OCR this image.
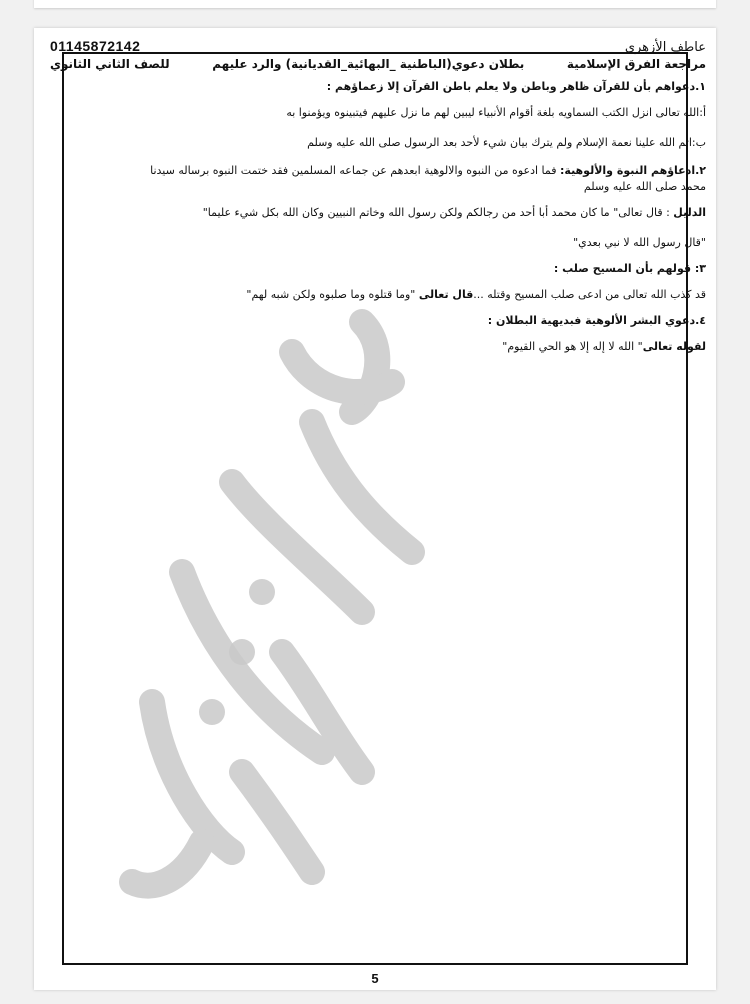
عاطف الأزهرى
01145872142
مراجعة الفرق الإسلامية
بطلان دعوي(الباطنية _البهائية_القديانية) والرد عليهم
للصف الثاني الثانوي

١.دعواهم بأن للقرآن ظاهر وباطن ولا يعلم باطن القرآن إلا زعماؤهم :

أ:الله تعالى انزل الكتب السماويه بلغة أقوام الأنبياء ليبين لهم ما نزل عليهم فيتبينوه ويؤمنوا به

ب:اتم الله علينا نعمة الإسلام ولم يترك بيان شيء لأحد بعد الرسول صلى الله عليه وسلم

٢.ادعاؤهم النبوة والألوهية: فما ادعوه من النبوه والالوهية ابعدهم عن جماعه المسلمين فقد ختمت النبوه برساله سيدنا

محمد صلى الله عليه وسلم

الدليل : قال تعالى" ما كان محمد أبا أحد من رجالكم ولكن رسول الله وخاتم النبيين وكان الله بكل شيء عليما"

"قال رسول الله لا نبي بعدي"

٣: قولهم بأن المسيح صلب :

قد كذب الله تعالى من ادعى صلب المسيح وقتله ...قال تعالى "وما قتلوه وما صلبوه ولكن شبه لهم"

٤.دعوي البشر الألوهية فبديهية البطلان :

لقوله تعالى" الله لا إله إلا هو الحي القيوم"

5
